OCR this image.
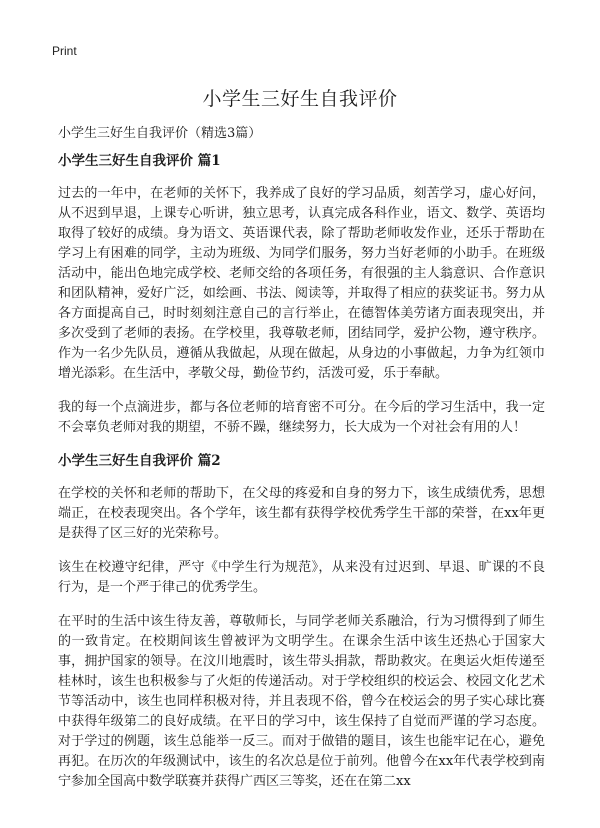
Print
小学生三好生自我评价

小学生三好生自我评价（精选3篇）

小学生三好生自我评价 篇1

过去的一年中，在老师的关怀下，我养成了良好的学习品质，刻苦学习，虚心好问，从不迟到早退，上课专心听讲，独立思考，认真完成各科作业，语文、数学、英语均取得了较好的成绩。身为语文、英语课代表，除了帮助老师收发作业，还乐于帮助在学习上有困难的同学，主动为班级、为同学们服务，努力当好老师的小助手。在班级活动中，能出色地完成学校、老师交给的各项任务，有很强的主人翁意识、合作意识和团队精神，爱好广泛，如绘画、书法、阅读等，并取得了相应的获奖证书。努力从各方面提高自己，时时刻刻注意自己的言行举止，在德智体美劳诸方面表现突出，并多次受到了老师的表扬。在学校里，我尊敬老师，团结同学，爱护公物，遵守秩序。作为一名少先队员，遵循从我做起，从现在做起，从身边的小事做起，力争为红领巾增光添彩。在生活中，孝敬父母，勤俭节约，活泼可爱，乐于奉献。

我的每一个点滴进步，都与各位老师的培育密不可分。在今后的学习生活中，我一定不会辜负老师对我的期望，不骄不躁，继续努力，长大成为一个对社会有用的人！

小学生三好生自我评价 篇2

在学校的关怀和老师的帮助下，在父母的疼爱和自身的努力下，该生成绩优秀，思想端正，在校表现突出。各个学年，该生都有获得学校优秀学生干部的荣誉，在xx年更是获得了区三好的光荣称号。

该生在校遵守纪律，严守《中学生行为规范》，从来没有过迟到、早退、旷课的不良行为，是一个严于律己的优秀学生。

在平时的生活中该生待友善，尊敬师长，与同学老师关系融洽，行为习惯得到了师生的一致肯定。在校期间该生曾被评为文明学生。在课余生活中该生还热心于国家大事，拥护国家的领导。在汶川地震时，该生带头捐款，帮助救灾。在奥运火炬传递至桂林时，该生也积极参与了火炬的传递活动。对于学校组织的校运会、校园文化艺术节等活动中，该生也同样积极对待，并且表现不俗，曾今在校运会的男子实心球比赛中获得年级第二的良好成绩。在平日的学习中，该生保持了自觉而严谨的学习态度。对于学过的例题，该生总能举一反三。而对于做错的题目，该生也能牢记在心，避免再犯。在历次的年级测试中，该生的名次总是位于前列。他曾今在xx年代表学校到南宁参加全国高中数学联赛并获得广西区三等奖，还在在第二xx
